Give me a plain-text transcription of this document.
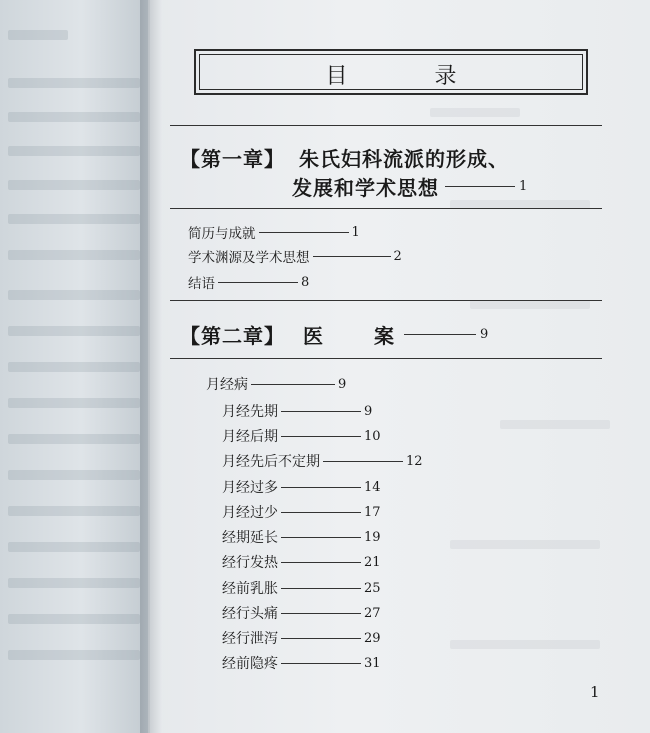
目 录
【第一章】 朱氏妇科流派的形成、
发展和学术思想	1
简历与成就	1
学术渊源及学术思想	2
结语	8
【第二章】 医 案	9
月经病	9
月经先期	9
月经后期	10
月经先后不定期	12
月经过多	14
月经过少	17
经期延长	19
经行发热	21
经前乳胀	25
经行头痛	27
经行泄泻	29
经前隐疼	31
1
